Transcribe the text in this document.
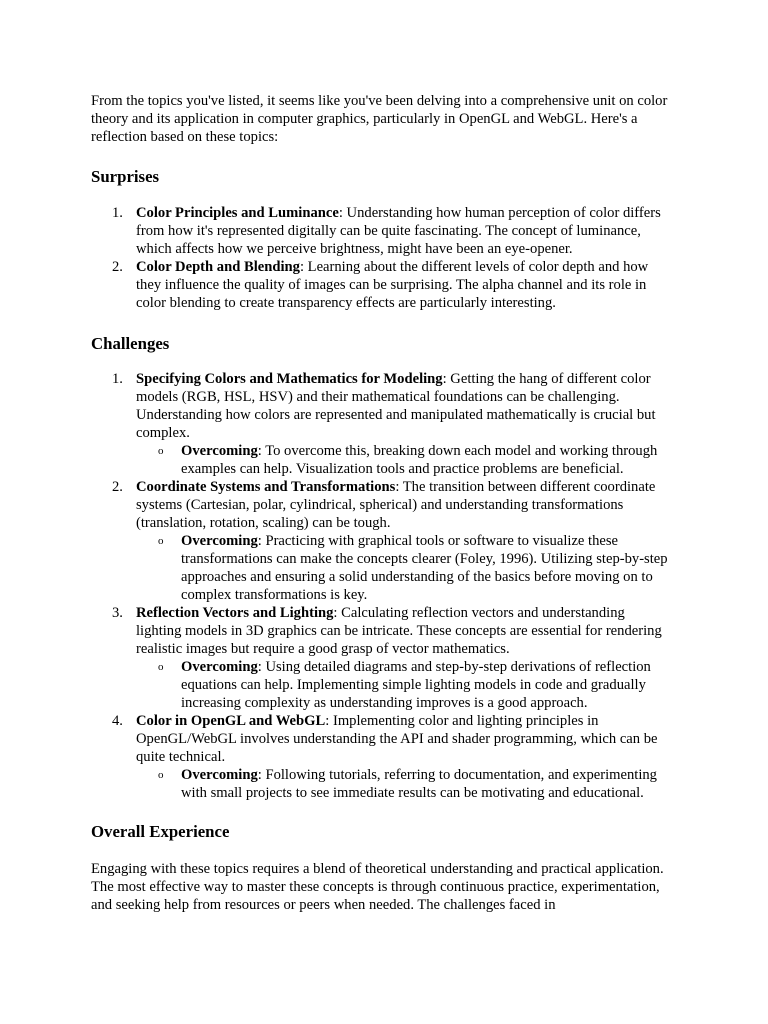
From the topics you've listed, it seems like you've been delving into a comprehensive unit on color theory and its application in computer graphics, particularly in OpenGL and WebGL. Here's a reflection based on these topics:

Surprises
1. Color Principles and Luminance: Understanding how human perception of color differs from how it's represented digitally can be quite fascinating. The concept of luminance, which affects how we perceive brightness, might have been an eye-opener.
2. Color Depth and Blending: Learning about the different levels of color depth and how they influence the quality of images can be surprising. The alpha channel and its role in color blending to create transparency effects are particularly interesting.
Challenges
1. Specifying Colors and Mathematics for Modeling: Getting the hang of different color models (RGB, HSL, HSV) and their mathematical foundations can be challenging. Understanding how colors are represented and manipulated mathematically is crucial but complex.
o Overcoming: To overcome this, breaking down each model and working through examples can help. Visualization tools and practice problems are beneficial.
2. Coordinate Systems and Transformations: The transition between different coordinate systems (Cartesian, polar, cylindrical, spherical) and understanding transformations (translation, rotation, scaling) can be tough.
o Overcoming: Practicing with graphical tools or software to visualize these transformations can make the concepts clearer (Foley, 1996). Utilizing step-by-step approaches and ensuring a solid understanding of the basics before moving on to complex transformations is key.
3. Reflection Vectors and Lighting: Calculating reflection vectors and understanding lighting models in 3D graphics can be intricate. These concepts are essential for rendering realistic images but require a good grasp of vector mathematics.
o Overcoming: Using detailed diagrams and step-by-step derivations of reflection equations can help. Implementing simple lighting models in code and gradually increasing complexity as understanding improves is a good approach.
4. Color in OpenGL and WebGL: Implementing color and lighting principles in OpenGL/WebGL involves understanding the API and shader programming, which can be quite technical.
o Overcoming: Following tutorials, referring to documentation, and experimenting with small projects to see immediate results can be motivating and educational.
Overall Experience

Engaging with these topics requires a blend of theoretical understanding and practical application. The most effective way to master these concepts is through continuous practice, experimentation, and seeking help from resources or peers when needed. The challenges faced in
